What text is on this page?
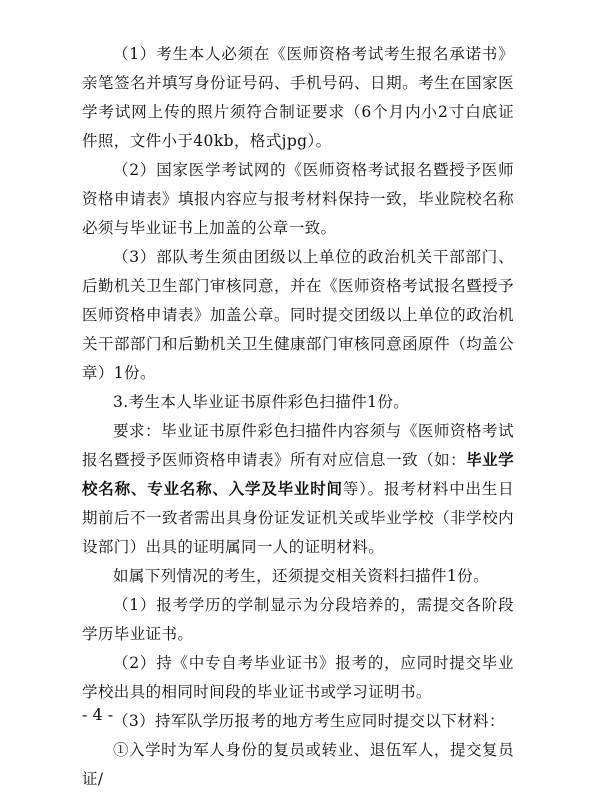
（1）考生本人必须在《医师资格考试考生报名承诺书》亲笔签名并填写身份证号码、手机号码、日期。考生在国家医学考试网上传的照片须符合制证要求（6个月内小2寸白底证件照，文件小于40kb，格式jpg）。

（2）国家医学考试网的《医师资格考试报名暨授予医师资格申请表》填报内容应与报考材料保持一致，毕业院校名称必须与毕业证书上加盖的公章一致。

（3）部队考生须由团级以上单位的政治机关干部部门、后勤机关卫生部门审核同意，并在《医师资格考试报名暨授予医师资格申请表》加盖公章。同时提交团级以上单位的政治机关干部部门和后勤机关卫生健康部门审核同意函原件（均盖公章）1份。

3.考生本人毕业证书原件彩色扫描件1份。

要求：毕业证书原件彩色扫描件内容须与《医师资格考试报名暨授予医师资格申请表》所有对应信息一致（如：毕业学校名称、专业名称、入学及毕业时间等）。报考材料中出生日期前后不一致者需出具身份证发证机关或毕业学校（非学校内设部门）出具的证明属同一人的证明材料。

如属下列情况的考生，还须提交相关资料扫描件1份。

（1）报考学历的学制显示为分段培养的，需提交各阶段学历毕业证书。

（2）持《中专自考毕业证书》报考的，应同时提交毕业学校出具的相同时间段的毕业证书或学习证明书。

（3）持军队学历报考的地方考生应同时提交以下材料：

①入学时为军人身份的复员或转业、退伍军人，提交复员证/

- 4 -
